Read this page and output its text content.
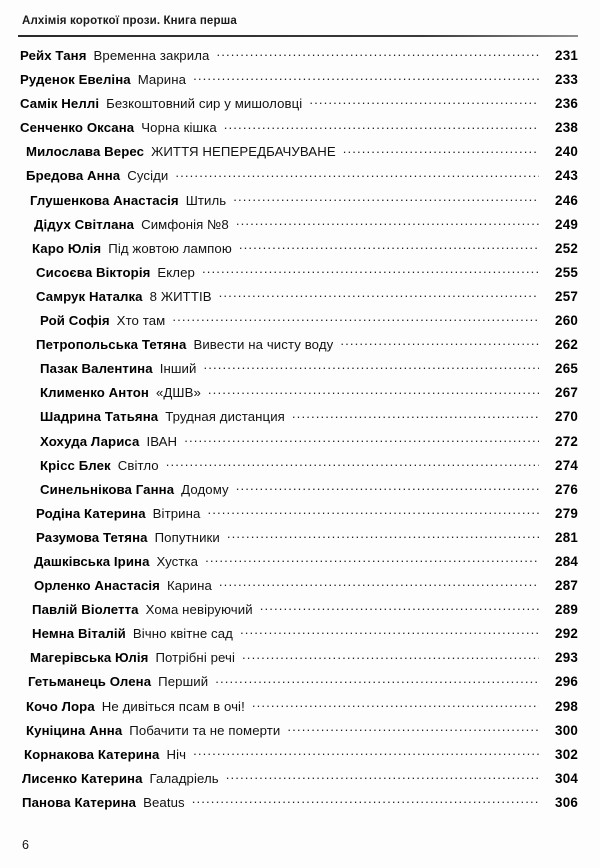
Алхімія короткої прози. Книга перша
Рейх Таня Временна закрила .....	231
Руденок Евеліна Марина .....	233
Самік Неллі Безкоштовний сир у мишоловці .....	236
Сенченко Оксана Чорна кішка .....	238
Милослава Верес ЖИТТЯ НЕПЕРЕДБАЧУВАНЕ .....	240
Бредова Анна Сусіди .....	243
Глушенкова Анастасія Штиль .....	246
Дідух Світлана Симфонія №8 .....	249
Каро Юлія Під жовтою лампою .....	252
Сисоєва Вікторія Еклер .....	255
Самрук Наталка 8 ЖИТТІВ .....	257
Рой Софія Хто там .....	260
Петропольська Тетяна Вивести на чисту воду .....	262
Пазак Валентина Інший .....	265
Клименко Антон «ДШВ» .....	267
Шадрина Татьяна Трудная дистанция .....	270
Хохуда Лариса ІВАН .....	272
Крісс Блек Світло .....	274
Синельнікова Ганна Додому .....	276
Родіна Катерина Вітрина .....	279
Разумова Тетяна Попутники .....	281
Дашківська Ірина Хустка .....	284
Орленко Анастасія Карина .....	287
Павлій Віолетта Хома невіруючий .....	289
Немна Віталій Вічно квітне сад .....	292
Магерівська Юлія Потрібні речі .....	293
Гетьманець Олена Перший .....	296
Кочо Лора Не дивіться псам в очі! .....	298
Куніцина Анна Побачити та не померти .....	300
Корнакова Катерина Ніч .....	302
Лисенко Катерина Галадріель .....	304
Панова Катерина Beatus .....	306
6
